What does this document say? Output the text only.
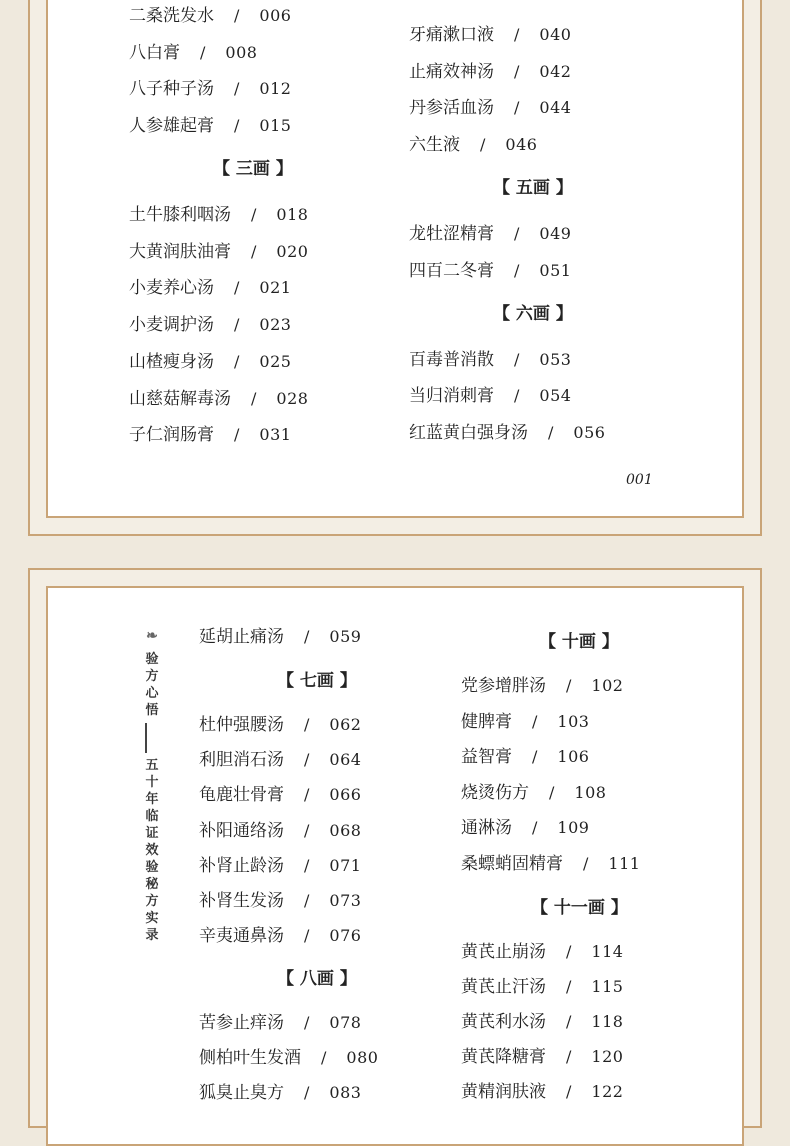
【 三画 】
【 五画 】
【 六画 】
001
❧
验
方
心
悟
五
十
年
临
证
效
验
秘
方
实
录
【 七画 】
【 八画 】
【 十画 】
【 十一画 】
二桑洗发水 / 006
八白膏 / 008
八子种子汤 / 012
人参雄起膏 / 015
土牛膝利咽汤 / 018
大黄润肤油膏 / 020
小麦养心汤 / 021
小麦调护汤 / 023
山楂瘦身汤 / 025
山慈菇解毒汤 / 028
子仁润肠膏 / 031
牙痛漱口液 / 040
止痛效神汤 / 042
丹参活血汤 / 044
六生液 / 046
龙牡涩精膏 / 049
四百二冬膏 / 051
百毒普消散 / 053
当归消刺膏 / 054
红蓝黄白强身汤 / 056
杜仲强腰汤 / 062
利胆消石汤 / 064
龟鹿壮骨膏 / 066
补阳通络汤 / 068
补肾止龄汤 / 071
补肾生发汤 / 073
辛夷通鼻汤 / 076
苦参止痒汤 / 078
侧柏叶生发酒 / 080
狐臭止臭方 / 083
党参增胖汤 / 102
健脾膏 / 103
益智膏 / 106
烧烫伤方 / 108
通淋汤 / 109
桑螵蛸固精膏 / 111
黄芪止崩汤 / 114
黄芪止汗汤 / 115
黄芪利水汤 / 118
黄芪降糖膏 / 120
黄精润肤液 / 122
延胡止痛汤 / 059
